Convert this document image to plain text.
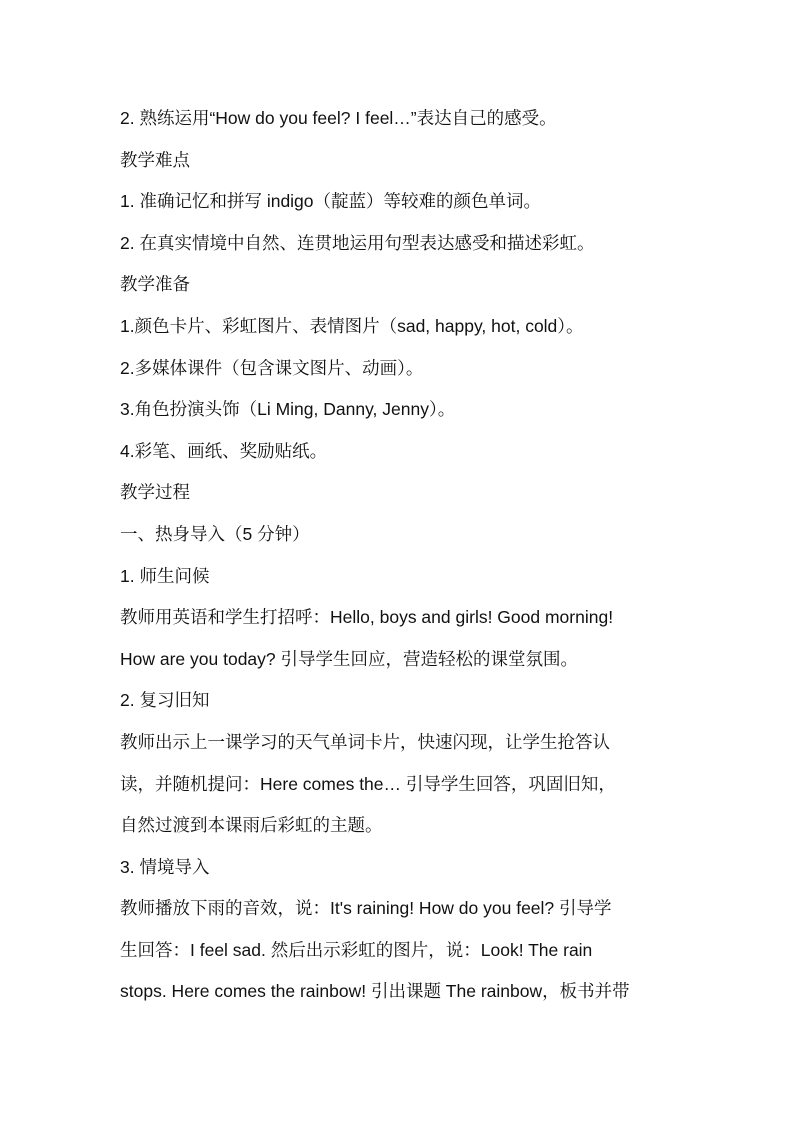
2. 熟练运用“How do you feel? I feel…”表达自己的感受。
教学难点
1. 准确记忆和拼写 indigo（靛蓝）等较难的颜色单词。
2. 在真实情境中自然、连贯地运用句型表达感受和描述彩虹。
教学准备
1.颜色卡片、彩虹图片、表情图片（sad, happy, hot, cold）。
2.多媒体课件（包含课文图片、动画）。
3.角色扮演头饰（Li Ming, Danny, Jenny）。
4.彩笔、画纸、奖励贴纸。
教学过程
一、热身导入（5 分钟）
1. 师生问候
教师用英语和学生打招呼：Hello, boys and girls! Good morning!
How are you today? 引导学生回应，营造轻松的课堂氛围。
2. 复习旧知
教师出示上一课学习的天气单词卡片，快速闪现，让学生抢答认
读，并随机提问：Here comes the… 引导学生回答，巩固旧知，
自然过渡到本课雨后彩虹的主题。
3. 情境导入
教师播放下雨的音效，说：It's raining! How do you feel? 引导学
生回答：I feel sad. 然后出示彩虹的图片，说：Look! The rain
stops. Here comes the rainbow! 引出课题 The rainbow，板书并带
